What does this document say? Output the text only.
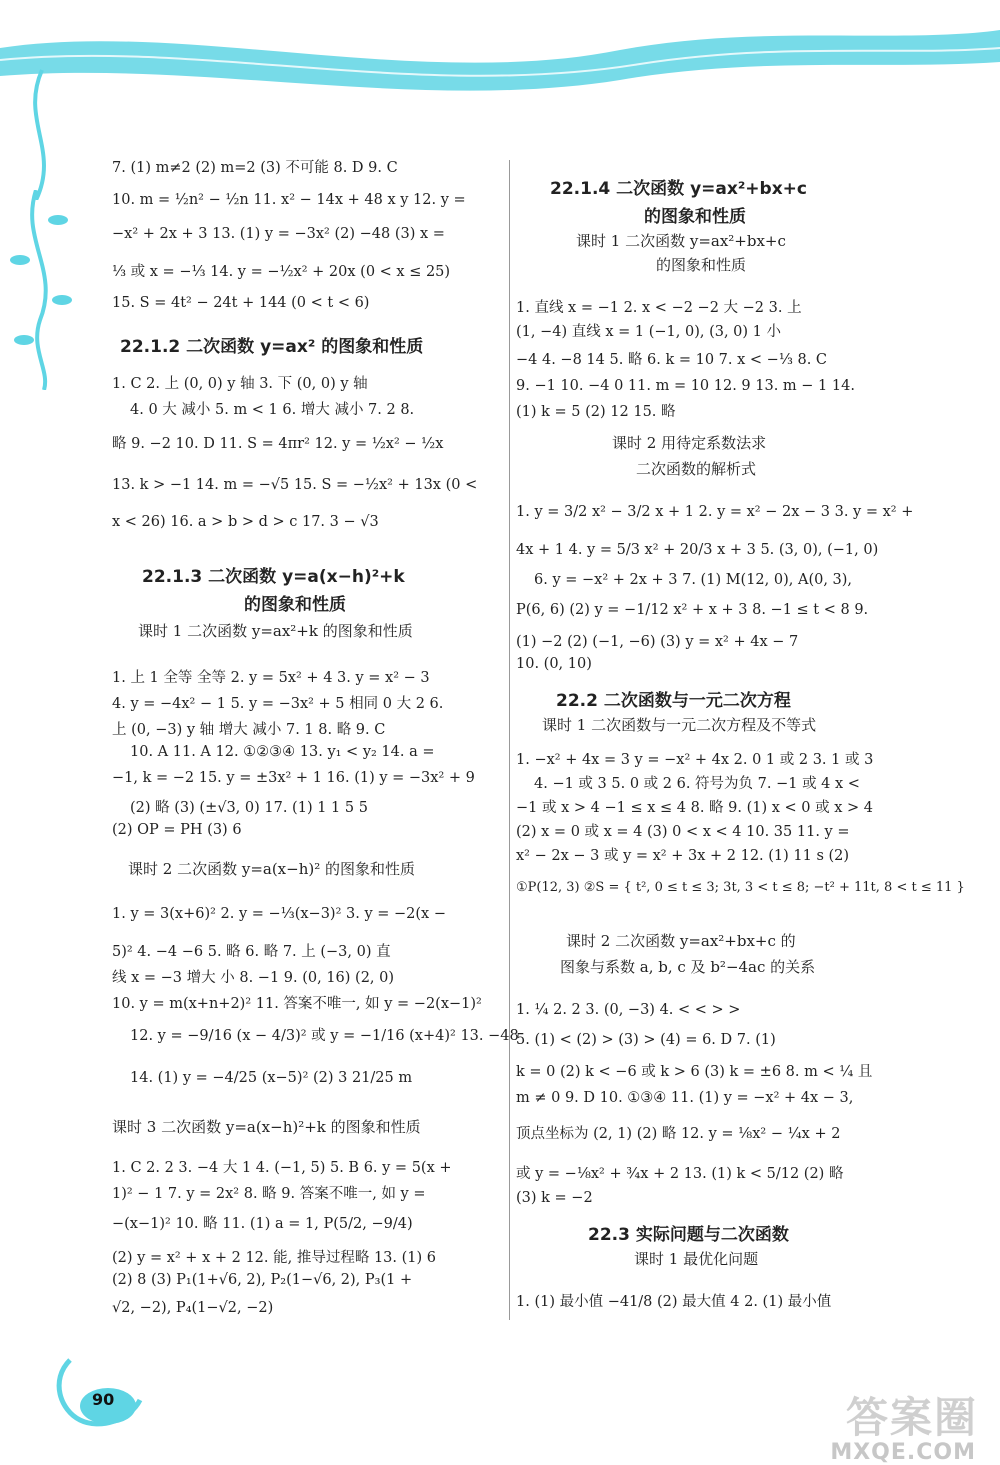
7. (1) m≠2 (2) m=2 (3) 不可能 8. D 9. C
10. m = ½n² − ½n 11. x² − 14x + 48 x y 12. y =
−x² + 2x + 3 13. (1) y = −3x² (2) −48 (3) x =
⅓ 或 x = −⅓ 14. y = −½x² + 20x (0 < x ≤ 25)
15. S = 4t² − 24t + 144 (0 < t < 6)
22.1.2 二次函数 y=ax² 的图象和性质
1. C 2. 上 (0, 0) y 轴 3. 下 (0, 0) y 轴
4. 0 大 减小 5. m < 1 6. 增大 减小 7. 2 8.
略 9. −2 10. D 11. S = 4πr² 12. y = ½x² − ½x
13. k > −1 14. m = −√5 15. S = −½x² + 13x (0 <
x < 26) 16. a > b > d > c 17. 3 − √3
22.1.3 二次函数 y=a(x−h)²+k
的图象和性质
课时 1 二次函数 y=ax²+k 的图象和性质
1. 上 1 全等 全等 2. y = 5x² + 4 3. y = x² − 3
4. y = −4x² − 1 5. y = −3x² + 5 相同 0 大 2 6.
上 (0, −3) y 轴 增大 减小 7. 1 8. 略 9. C
10. A 11. A 12. ①②③④ 13. y₁ < y₂ 14. a =
−1, k = −2 15. y = ±3x² + 1 16. (1) y = −3x² + 9
(2) 略 (3) (±√3, 0) 17. (1) 1 1 5 5
(2) OP = PH (3) 6
课时 2 二次函数 y=a(x−h)² 的图象和性质
1. y = 3(x+6)² 2. y = −⅓(x−3)² 3. y = −2(x −
5)² 4. −4 −6 5. 略 6. 略 7. 上 (−3, 0) 直
线 x = −3 增大 小 8. −1 9. (0, 16) (2, 0)
10. y = m(x+n+2)² 11. 答案不唯一, 如 y = −2(x−1)²
12. y = −9/16 (x − 4/3)² 或 y = −1/16 (x+4)² 13. −48
14. (1) y = −4/25 (x−5)² (2) 3 21/25 m
课时 3 二次函数 y=a(x−h)²+k 的图象和性质
1. C 2. 2 3. −4 大 1 4. (−1, 5) 5. B 6. y = 5(x +
1)² − 1 7. y = 2x² 8. 略 9. 答案不唯一, 如 y =
−(x−1)² 10. 略 11. (1) a = 1, P(5/2, −9/4)
(2) y = x² + x + 2 12. 能, 推导过程略 13. (1) 6
(2) 8 (3) P₁(1+√6, 2), P₂(1−√6, 2), P₃(1 +
√2, −2), P₄(1−√2, −2)
22.1.4 二次函数 y=ax²+bx+c
的图象和性质
课时 1 二次函数 y=ax²+bx+c
的图象和性质
1. 直线 x = −1 2. x < −2 −2 大 −2 3. 上
(1, −4) 直线 x = 1 (−1, 0), (3, 0) 1 小
−4 4. −8 14 5. 略 6. k = 10 7. x < −⅓ 8. C
9. −1 10. −4 0 11. m = 10 12. 9 13. m − 1 14.
(1) k = 5 (2) 12 15. 略
课时 2 用待定系数法求
二次函数的解析式
1. y = 3/2 x² − 3/2 x + 1 2. y = x² − 2x − 3 3. y = x² +
4x + 1 4. y = 5/3 x² + 20/3 x + 3 5. (3, 0), (−1, 0)
6. y = −x² + 2x + 3 7. (1) M(12, 0), A(0, 3),
P(6, 6) (2) y = −1/12 x² + x + 3 8. −1 ≤ t < 8 9.
(1) −2 (2) (−1, −6) (3) y = x² + 4x − 7
10. (0, 10)
22.2 二次函数与一元二次方程
课时 1 二次函数与一元二次方程及不等式
1. −x² + 4x = 3 y = −x² + 4x 2. 0 1 或 2 3. 1 或 3
4. −1 或 3 5. 0 或 2 6. 符号为负 7. −1 或 4 x <
−1 或 x > 4 −1 ≤ x ≤ 4 8. 略 9. (1) x < 0 或 x > 4
(2) x = 0 或 x = 4 (3) 0 < x < 4 10. 35 11. y =
x² − 2x − 3 或 y = x² + 3x + 2 12. (1) 11 s (2)
①P(12, 3) ②S = { t², 0 ≤ t ≤ 3; 3t, 3 < t ≤ 8; −t² + 11t, 8 < t ≤ 11 }
课时 2 二次函数 y=ax²+bx+c 的
图象与系数 a, b, c 及 b²−4ac 的关系
1. ¼ 2. 2 3. (0, −3) 4. < < > >
5. (1) < (2) > (3) > (4) = 6. D 7. (1)
k = 0 (2) k < −6 或 k > 6 (3) k = ±6 8. m < ¼ 且
m ≠ 0 9. D 10. ①③④ 11. (1) y = −x² + 4x − 3,
顶点坐标为 (2, 1) (2) 略 12. y = ⅛x² − ¼x + 2
或 y = −⅛x² + ¾x + 2 13. (1) k < 5/12 (2) 略
(3) k = −2
22.3 实际问题与二次函数
课时 1 最优化问题
1. (1) 最小值 −41/8 (2) 最大值 4 2. (1) 最小值
90	答案圈
MXQE.COM
